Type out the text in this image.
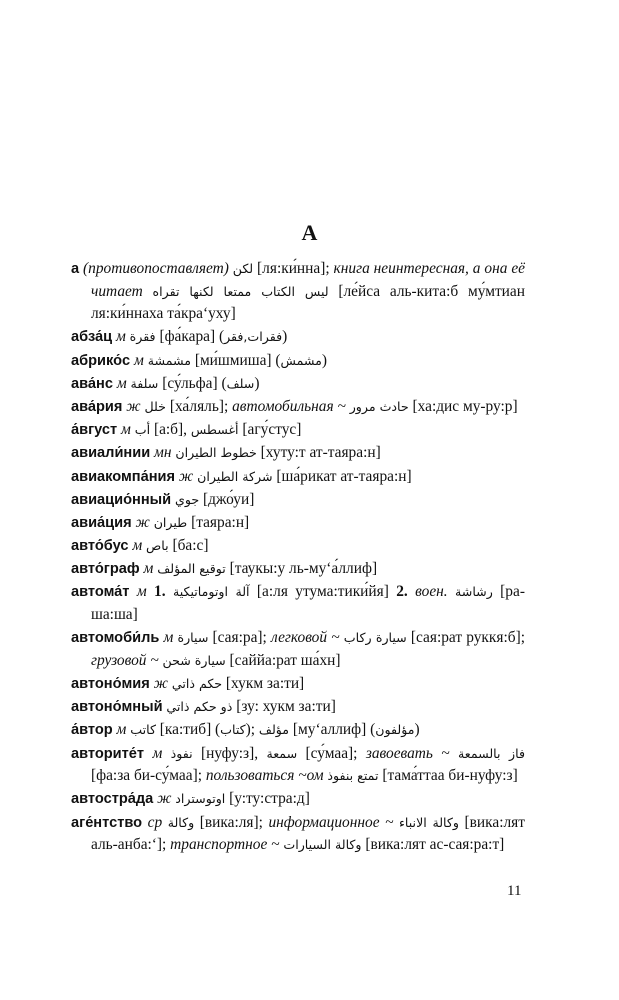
А

а (противопоставляет) لكن [ля:ки́нна]; книга неинтересная, а она её читает ليس الكتاب ممتعا لكنها تقراه [ле́йса аль-кита:б му́мтиан ля:ки́ннаха та́кра‘уху]

абза́ц м فقرة [фа́кара] (فقرات,فقر)

абрико́с м مشمشة [ми́шмиша] (مشمش)

ава́нс м سلفة [су́льфа] (سلف)

ава́рия ж خلل [ха́ляль]; автомобильная ~ حادث مرور [ха:дис му-ру:р]

а́вгуст м أب [а:б], أغسطس [агу́стус]

авиали́нии мн خطوط الطيران [хуту:т ат-таяра:н]

авиакомпа́ния ж شركة الطيران [ша́рикат ат-таяра:н]

авиацио́нный جوي [джо́уи]

авиа́ция ж طيران [таяра:н]

авто́бус м باص [ба:с]

авто́граф м توقيع المؤلف [таукы:у ль-му‘а́ллиф]

автома́т м 1. آلة اوتوماتيكية [а:ля утума:тики́йя] 2. воен. رشاشة [ра-ша:ша]

автомоби́ль м سيارة [сая:ра]; легковой ~ سيارة ركاب [сая:рат руккя:б]; грузовой ~ سيارة شحن [саййа:рат ша́хн]

автоно́мия ж حكم ذاتي [хукм за:ти]

автоно́мный ذو حكم ذاتي [зу: хукм за:ти]

а́втор м كاتب [ка:тиб] (كتاب); مؤلف [му‘аллиф] (مؤلفون)

авторите́т м نفوذ [нуфу:з], سمعة [су́маа]; завоевать ~ فاز بالسمعة [фа:за би-су́маа]; пользоваться ~ом تمتع بنفوذ [тама́ттаа би-нуфу:з]

автостра́да ж اوتوستراد [у:ту:стра:д]

аге́нтство ср وكالة [вика:ля]; информационное ~ وكالة الانباء [вика:лят аль-анба:‘]; транспортное ~ وكالة السيارات [вика:лят ас-сая:ра:т]

11
